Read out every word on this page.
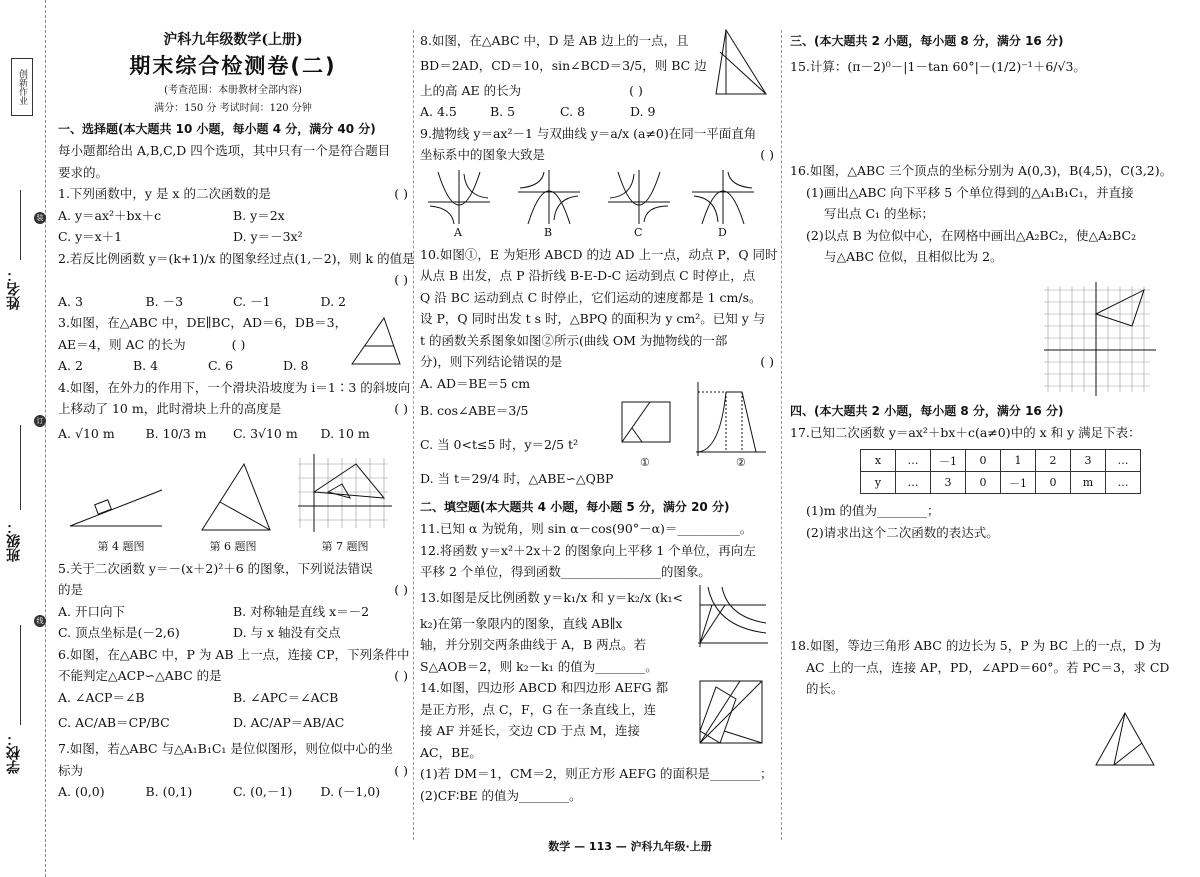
创新作业
姓名：
班级：
学校：
装
订
线
沪科九年级数学(上册)
期末综合检测卷(二)
(考查范围：本册教材全部内容)
满分：150 分 考试时间：120 分钟
一、选择题(本大题共 10 小题，每小题 4 分，满分 40 分)
每小题都给出 A,B,C,D 四个选项，其中只有一个是符合题目
要求的。
1.下列函数中，y 是 x 的二次函数的是	( )
A. y＝ax²＋bx＋c	B. y＝2x
C. y＝x＋1	D. y＝－3x²
2.若反比例函数 y＝(k+1)/x 的图象经过点(1,－2)，则 k 的值是
( )
A. 3	B. －3	C. －1	D. 2
3.如图，在△ABC 中，DE∥BC，AD＝6，DB＝3，
AE＝4，则 AC 的长为	( )
A. 2	B. 4	C. 6	D. 8
4.如图，在外力的作用下，一个滑块沿坡度为 i＝1∶3 的斜坡向
上移动了 10 m，此时滑块上升的高度是	( )
A. √10 m	B. 10/3 m	C. 3√10 m	D. 10 m
第 4 题图	第 6 题图	第 7 题图
5.关于二次函数 y＝－(x＋2)²＋6 的图象，下列说法错误
的是	( )
A. 开口向下	B. 对称轴是直线 x＝－2
C. 顶点坐标是(－2,6)	D. 与 x 轴没有交点
6.如图，在△ABC 中，P 为 AB 上一点，连接 CP，下列条件中
不能判定△ACP∽△ABC 的是	( )
A. ∠ACP＝∠B	B. ∠APC＝∠ACB
C. AC/AB＝CP/BC	D. AC/AP＝AB/AC
7.如图，若△ABC 与△A₁B₁C₁ 是位似图形，则位似中心的坐
标为	( )
A. (0,0)	B. (0,1)	C. (0,－1)	D. (－1,0)
8.如图，在△ABC 中，D 是 AB 边上的一点，且
BD＝2AD，CD＝10，sin∠BCD＝3/5，则 BC 边
上的高 AE 的长为	( )
A. 4.5	B. 5	C. 8	D. 9
9.抛物线 y＝ax²－1 与双曲线 y＝a/x (a≠0)在同一平面直角
坐标系中的图象大致是	( )
A	B	C	D
10.如图①，E 为矩形 ABCD 的边 AD 上一点，动点 P，Q 同时
从点 B 出发，点 P 沿折线 B-E-D-C 运动到点 C 时停止，点
Q 沿 BC 运动到点 C 时停止，它们运动的速度都是 1 cm/s。
设 P，Q 同时出发 t s 时，△BPQ 的面积为 y cm²。已知 y 与
t 的函数关系图象如图②所示(曲线 OM 为抛物线的一部
分)，则下列结论错误的是	( )
A. AD＝BE＝5 cm
B. cos∠ABE＝3/5
C. 当 0<t≤5 时，y＝2/5 t²
D. 当 t＝29/4 时，△ABE∽△QBP
①	②
二、填空题(本大题共 4 小题，每小题 5 分，满分 20 分)
11.已知 α 为锐角，则 sin α－cos(90°－α)＝__________。
12.将函数 y＝x²＋2x＋2 的图象向上平移 1 个单位，再向左
平移 2 个单位，得到函数________________的图象。
13.如图是反比例函数 y＝k₁/x 和 y＝k₂/x (k₁<
k₂)在第一象限内的图象，直线 AB∥x
轴，并分别交两条曲线于 A，B 两点。若
S△AOB＝2，则 k₂－k₁ 的值为________。
14.如图，四边形 ABCD 和四边形 AEFG 都
是正方形，点 C，F，G 在一条直线上，连
接 AF 并延长，交边 CD 于点 M，连接
AC，BE。
(1)若 DM＝1，CM＝2，则正方形 AEFG 的面积是________；
(2)CF∶BE 的值为________。
三、(本大题共 2 小题，每小题 8 分，满分 16 分)
15.计算：(π－2)⁰－|1－tan 60°|－(1/2)⁻¹＋6/√3。
16.如图，△ABC 三个顶点的坐标分别为 A(0,3)，B(4,5)，C(3,2)。
(1)画出△ABC 向下平移 5 个单位得到的△A₁B₁C₁，并直接
写出点 C₁ 的坐标；
(2)以点 B 为位似中心，在网格中画出△A₂BC₂，使△A₂BC₂
与△ABC 位似，且相似比为 2。
四、(本大题共 2 小题，每小题 8 分，满分 16 分)
17.已知二次函数 y＝ax²＋bx＋c(a≠0)中的 x 和 y 满足下表：
x	…	－1	0	1	2	3	…
y	…	3	0	－1	0	m	…
(1)m 的值为________；
(2)请求出这个二次函数的表达式。
18.如图，等边三角形 ABC 的边长为 5，P 为 BC 上的一点，D 为
AC 上的一点，连接 AP，PD，∠APD＝60°。若 PC＝3，求 CD
的长。
数学 — 113 — 沪科九年级·上册
